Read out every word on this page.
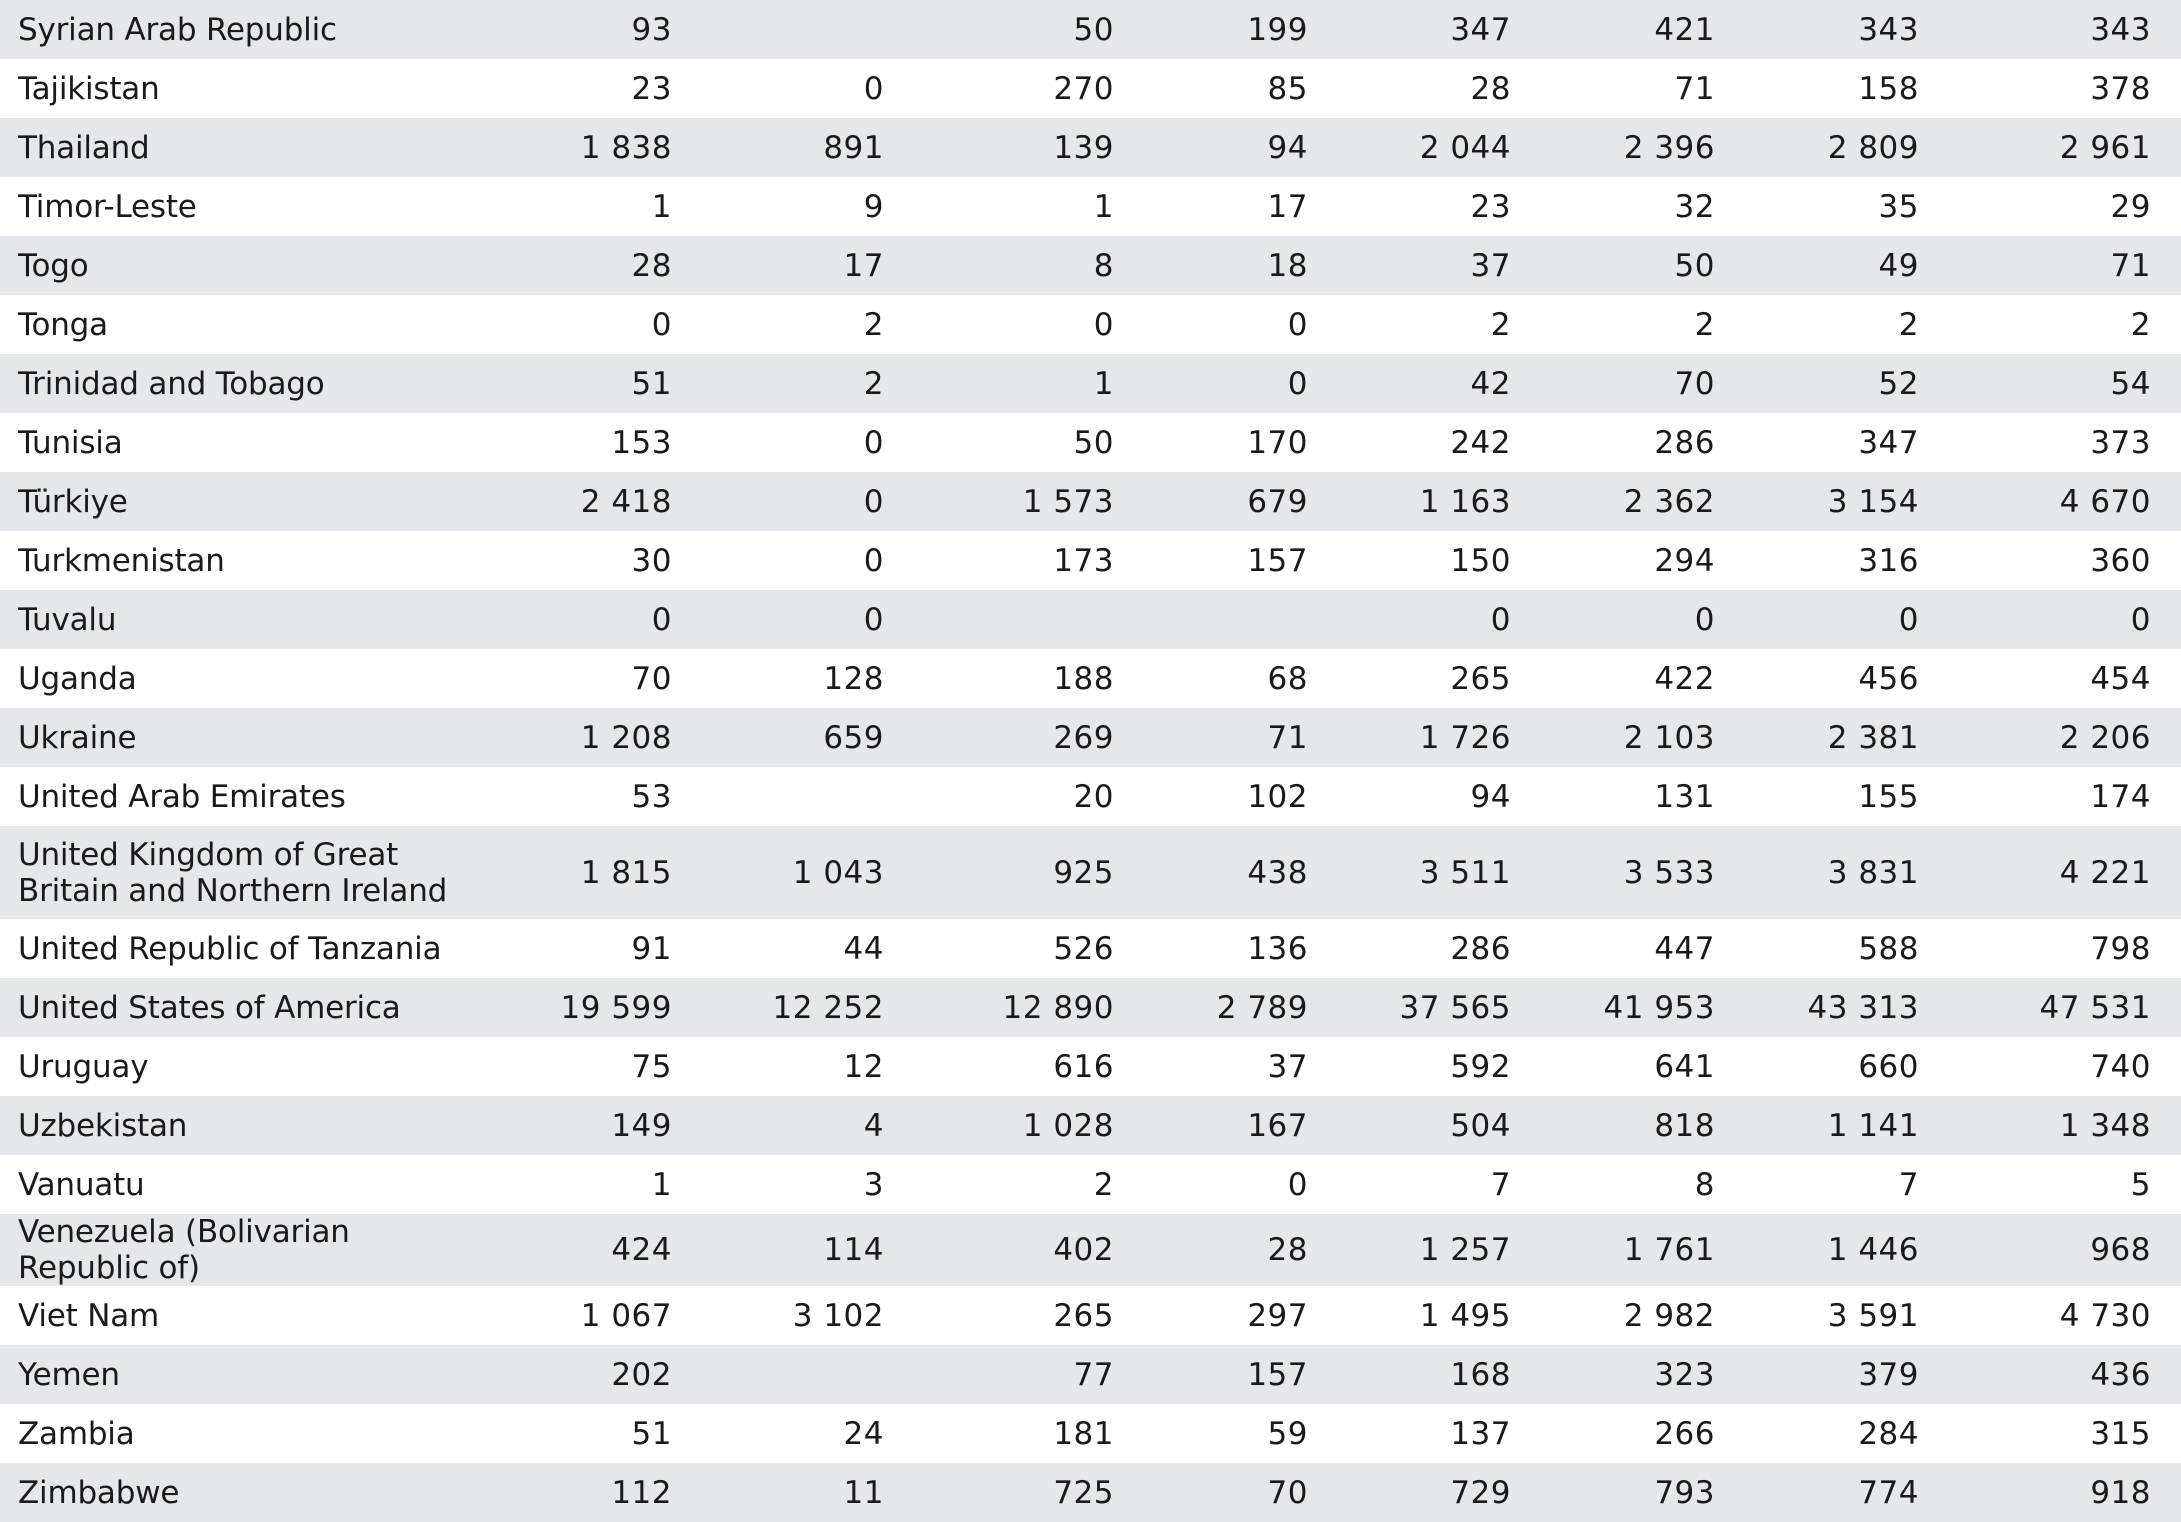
Syrian Arab Republic	93		50	199	347	421	343	343
Tajikistan	23	0	270	85	28	71	158	378
Thailand	1 838	891	139	94	2 044	2 396	2 809	2 961
Timor-Leste	1	9	1	17	23	32	35	29
Togo	28	17	8	18	37	50	49	71
Tonga	0	2	0	0	2	2	2	2
Trinidad and Tobago	51	2	1	0	42	70	52	54
Tunisia	153	0	50	170	242	286	347	373
Türkiye	2 418	0	1 573	679	1 163	2 362	3 154	4 670
Turkmenistan	30	0	173	157	150	294	316	360
Tuvalu	0	0			0	0	0	0
Uganda	70	128	188	68	265	422	456	454
Ukraine	1 208	659	269	71	1 726	2 103	2 381	2 206
United Arab Emirates	53		20	102	94	131	155	174
United Kingdom of Great Britain and Northern Ireland	1 815	1 043	925	438	3 511	3 533	3 831	4 221
United Republic of Tanzania	91	44	526	136	286	447	588	798
United States of America	19 599	12 252	12 890	2 789	37 565	41 953	43 313	47 531
Uruguay	75	12	616	37	592	641	660	740
Uzbekistan	149	4	1 028	167	504	818	1 141	1 348
Vanuatu	1	3	2	0	7	8	7	5
Venezuela (Bolivarian Republic of)	424	114	402	28	1 257	1 761	1 446	968
Viet Nam	1 067	3 102	265	297	1 495	2 982	3 591	4 730
Yemen	202		77	157	168	323	379	436
Zambia	51	24	181	59	137	266	284	315
Zimbabwe	112	11	725	70	729	793	774	918
